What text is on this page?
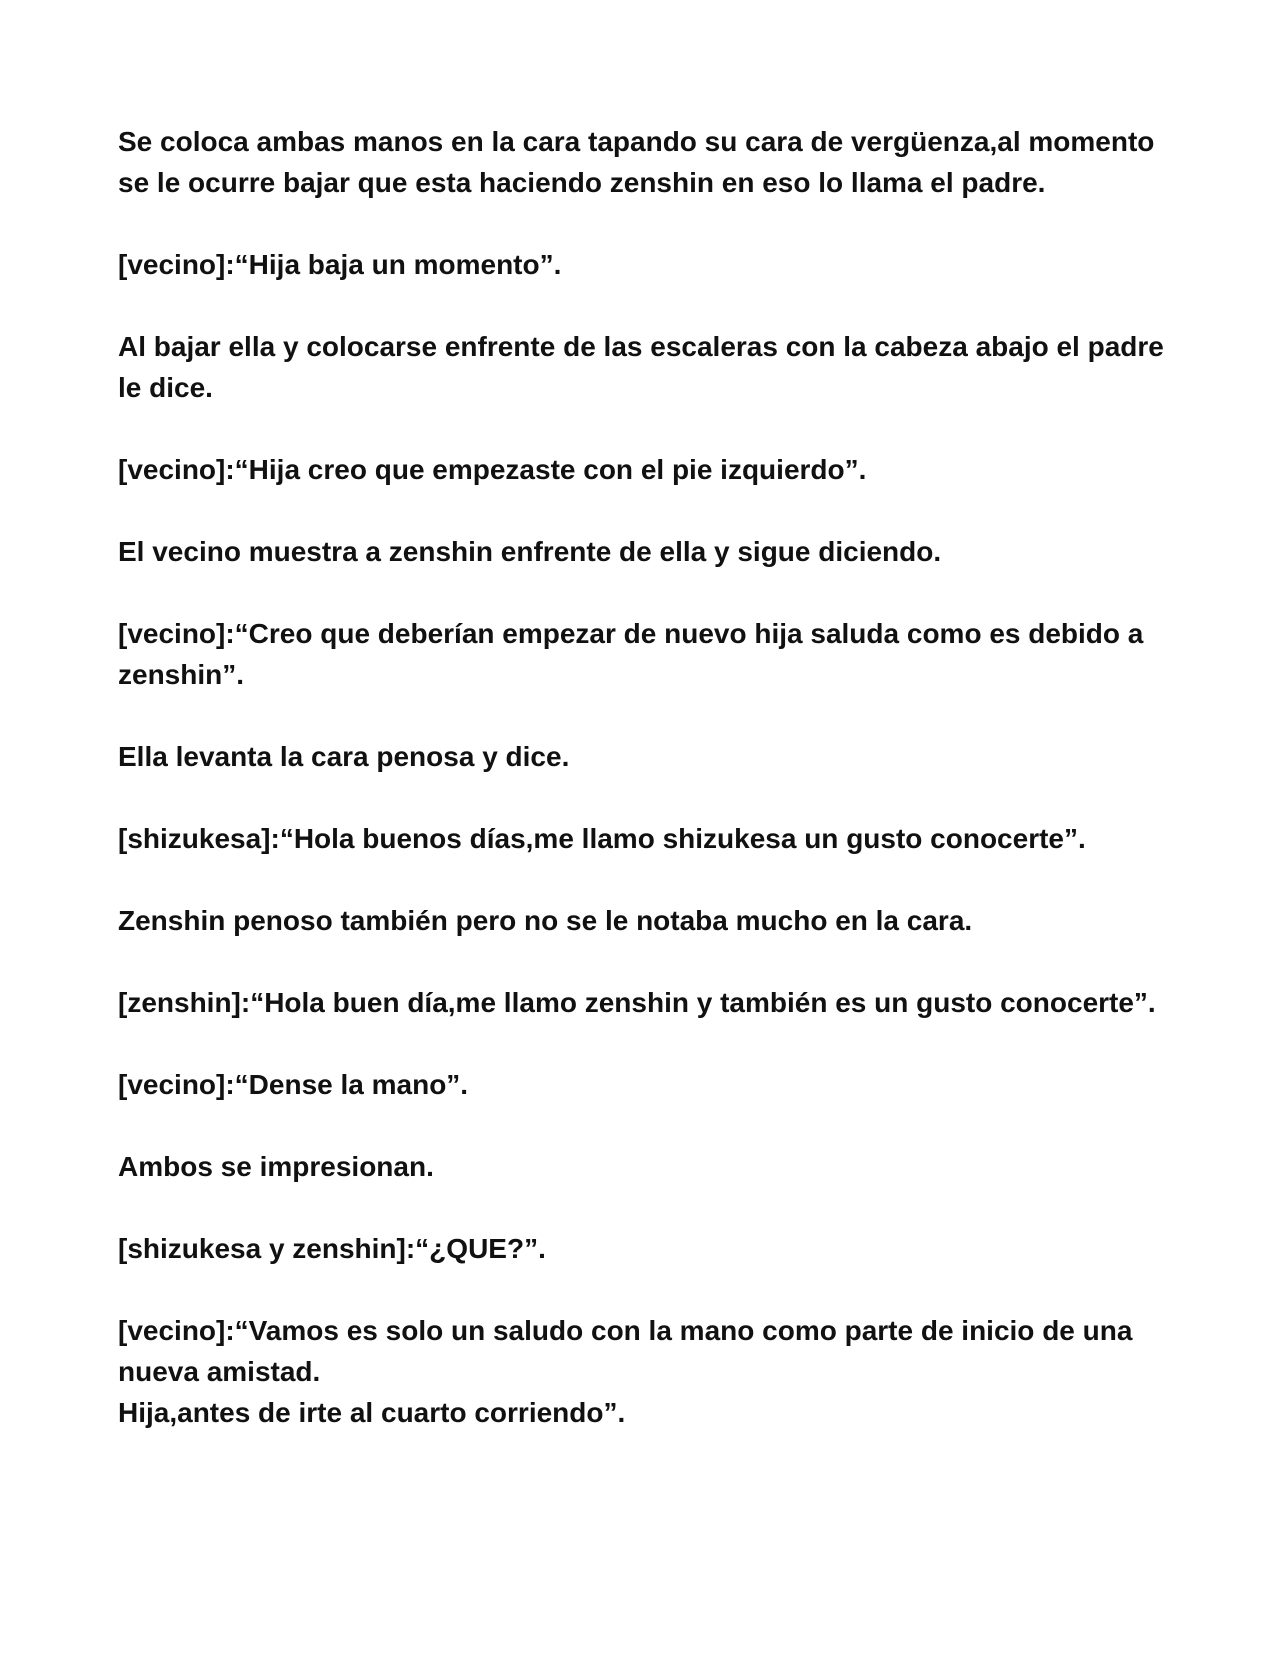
Se coloca ambas manos en la cara tapando su cara de vergüenza,al momento se le ocurre bajar que esta haciendo zenshin en eso lo llama el padre.

[vecino]:“Hija baja un momento”.

Al bajar ella y colocarse enfrente de las escaleras con la cabeza abajo el padre le dice.

[vecino]:“Hija creo que empezaste con el pie izquierdo”.

El vecino muestra a zenshin enfrente de ella y sigue diciendo.

[vecino]:“Creo que deberían empezar de nuevo hija saluda como es debido a zenshin”.

Ella levanta la cara penosa y dice.

[shizukesa]:“Hola buenos días,me llamo shizukesa un gusto conocerte”.

Zenshin penoso también pero no se le notaba mucho en la cara.

[zenshin]:“Hola buen día,me llamo zenshin y también es un gusto conocerte”.

[vecino]:“Dense la mano”.

Ambos se impresionan.

[shizukesa y zenshin]:“¿QUE?”.

[vecino]:“Vamos es solo un saludo con la mano como parte de inicio de una nueva amistad.
Hija,antes de irte al cuarto corriendo”.
